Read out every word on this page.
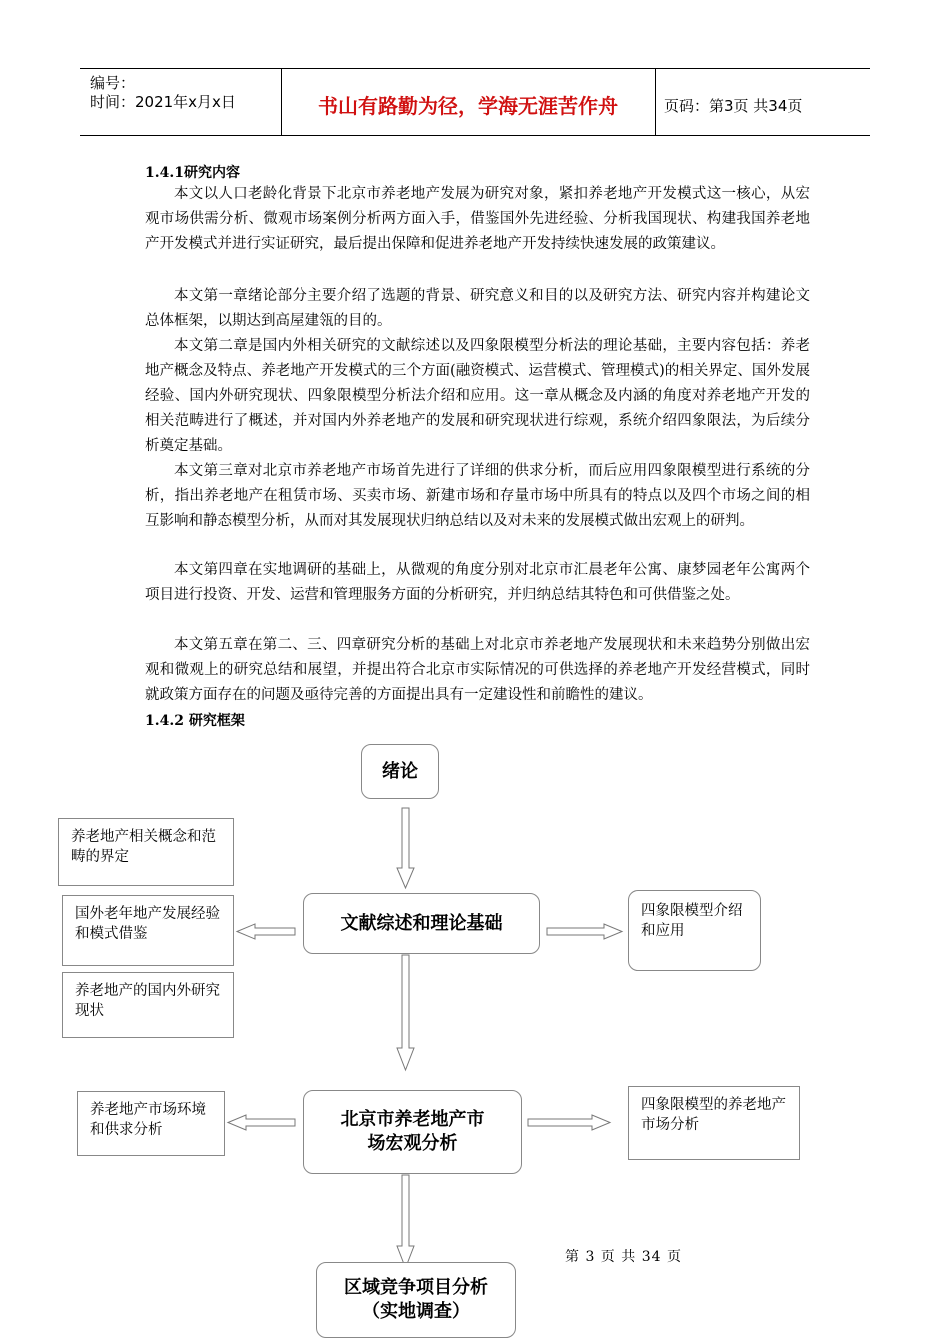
编号：
时间：2021年x月x日	书山有路勤为径，学海无涯苦作舟	页码：第3页 共34页
1.4.1研究内容

本文以人口老龄化背景下北京市养老地产发展为研究对象，紧扣养老地产开发模式这一核心，从宏观市场供需分析、微观市场案例分析两方面入手，借鉴国外先进经验、分析我国现状、构建我国养老地产开发模式并进行实证研究，最后提出保障和促进养老地产开发持续快速发展的政策建议。

本文第一章绪论部分主要介绍了选题的背景、研究意义和目的以及研究方法、研究内容并构建论文总体框架，以期达到高屋建瓴的目的。

本文第二章是国内外相关研究的文献综述以及四象限模型分析法的理论基础，主要内容包括：养老地产概念及特点、养老地产开发模式的三个方面(融资模式、运营模式、管理模式)的相关界定、国外发展经验、国内外研究现状、四象限模型分析法介绍和应用。这一章从概念及内涵的角度对养老地产开发的相关范畴进行了概述，并对国内外养老地产的发展和研究现状进行综观，系统介绍四象限法，为后续分析奠定基础。

本文第三章对北京市养老地产市场首先进行了详细的供求分析，而后应用四象限模型进行系统的分析，指出养老地产在租赁市场、买卖市场、新建市场和存量市场中所具有的特点以及四个市场之间的相互影响和静态模型分析，从而对其发展现状归纳总结以及对未来的发展模式做出宏观上的研判。

本文第四章在实地调研的基础上，从微观的角度分别对北京市汇晨老年公寓、康梦园老年公寓两个项目进行投资、开发、运营和管理服务方面的分析研究，并归纳总结其特色和可供借鉴之处。

本文第五章在第二、三、四章研究分析的基础上对北京市养老地产发展现状和未来趋势分别做出宏观和微观上的研究总结和展望，并提出符合北京市实际情况的可供选择的养老地产开发经营模式，同时就政策方面存在的问题及亟待完善的方面提出具有一定建设性和前瞻性的建议。

1.4.2 研究框架
绪论
养老地产相关概念和范畴的界定
国外老年地产发展经验和模式借鉴
养老地产的国内外研究现状
文献综述和理论基础
四象限模型介绍和应用
养老地产市场环境和供求分析	北京市养老地产市场宏观分析
四象限模型的养老地产市场分析
区域竞争项目分析（实地调查）
第 3 页 共 34 页
